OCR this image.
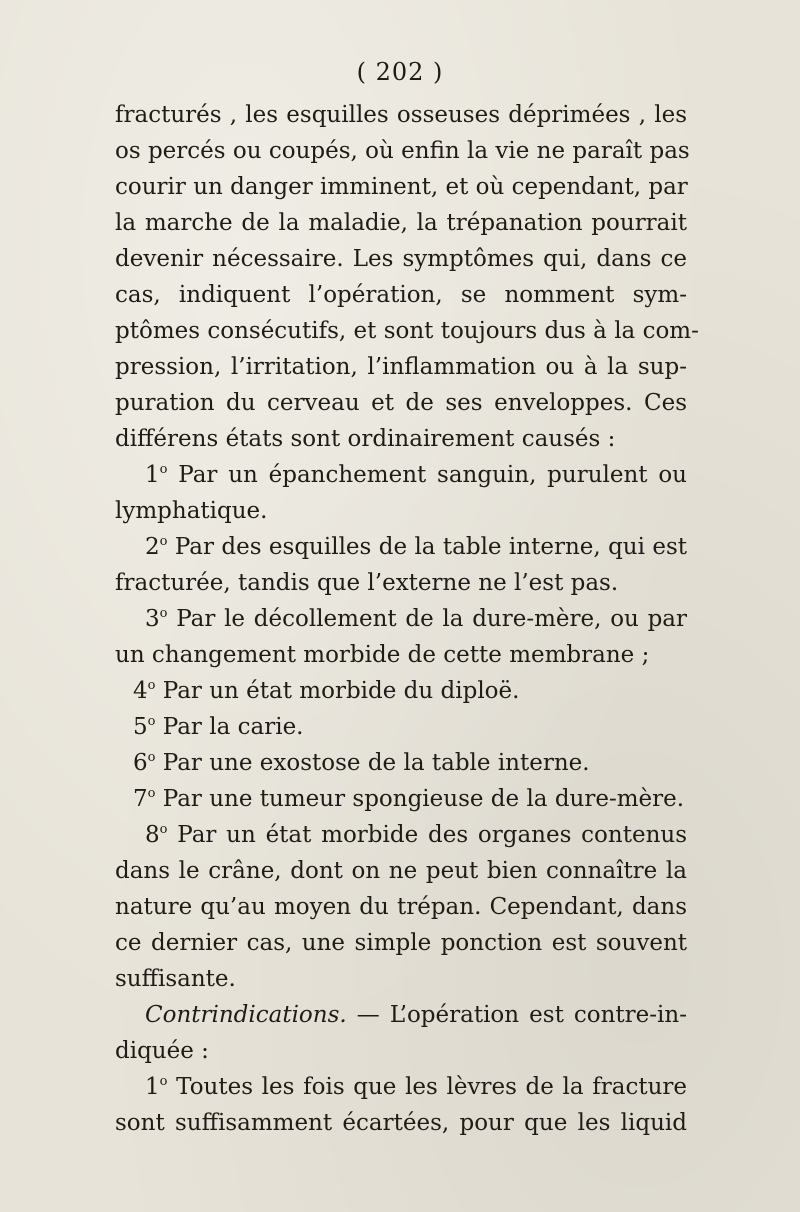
( 202 )
fracturés , les esquilles osseuses déprimées , les
os percés ou coupés, où enfin la vie ne paraît pas
courir un danger imminent, et où cependant, par
la marche de la maladie, la trépanation pourrait
devenir nécessaire. Les symptômes qui, dans ce
cas, indiquent l’opération, se nomment sym-
ptômes consécutifs, et sont toujours dus à la com-
pression, l’irritation, l’inflammation ou à la sup-
puration du cerveau et de ses enveloppes. Ces
différens états sont ordinairement causés :
1$^o$ Par un épanchement sanguin, purulent ou
lymphatique.
2$^o$ Par des esquilles de la table interne, qui est
fracturée, tandis que l’externe ne l’est pas.
3$^o$ Par le décollement de la dure-mère, ou par
un changement morbide de cette membrane ;
4$^o$ Par un état morbide du diploë.
5$^o$ Par la carie.
6$^o$ Par une exostose de la table interne.
7$^o$ Par une tumeur spongieuse de la dure-mère.
8$^o$ Par un état morbide des organes contenus
dans le crâne, dont on ne peut bien connaître la
nature qu’au moyen du trépan. Cependant, dans
ce dernier cas, une simple ponction est souvent
suffisante.
Contrindications. — L’opération est contre-in-
diquée :
1$^o$ Toutes les fois que les lèvres de la fracture
sont suffisamment écartées, pour que les liquid
